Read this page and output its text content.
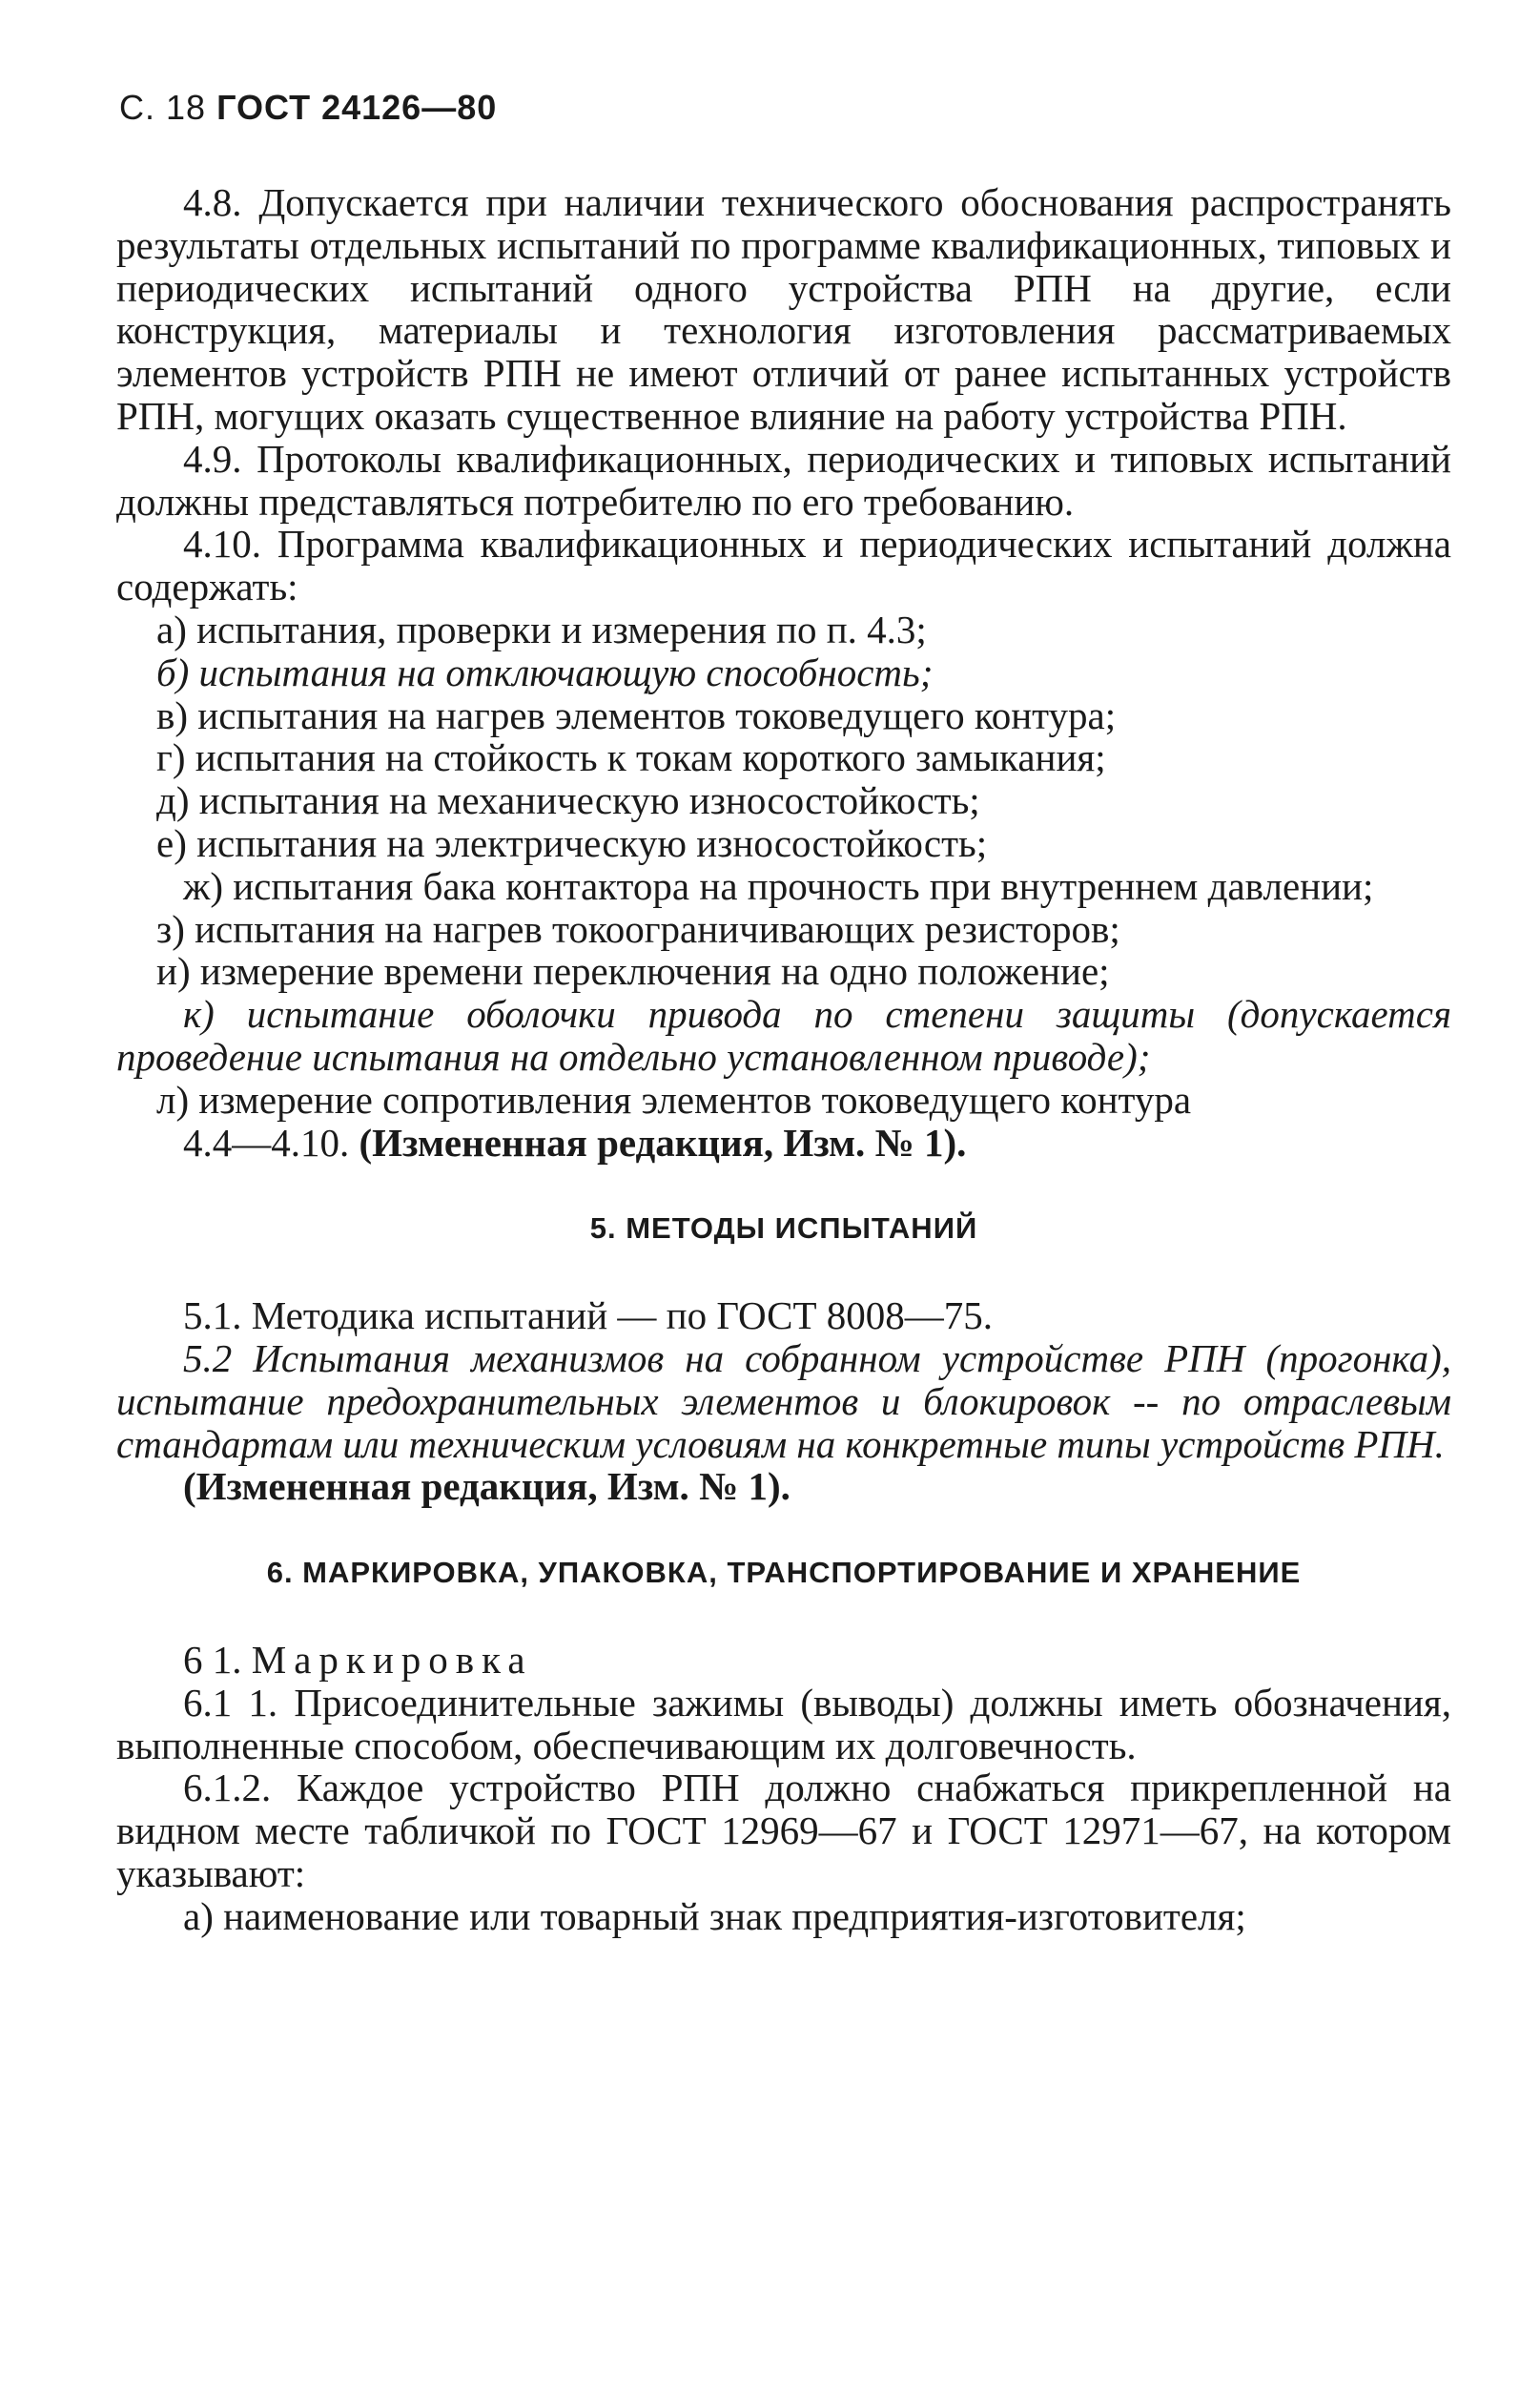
С. 18 ГОСТ 24126—80

4.8. Допускается при наличии технического обоснования распространять результаты отдельных испытаний по программе квалификационных, типовых и периодических испытаний одного устройства РПН на другие, если конструкция, материалы и технология изготовления рассматриваемых элементов устройств РПН не имеют отличий от ранее испытанных устройств РПН, могущих оказать существенное влияние на работу устройства РПН.

4.9. Протоколы квалификационных, периодических и типовых испытаний должны представляться потребителю по его требованию.

4.10. Программа квалификационных и периодических испытаний должна содержать:

а) испытания, проверки и измерения по п. 4.3;

б) испытания на отключающую способность;

в) испытания на нагрев элементов токоведущего контура;

г) испытания на стойкость к токам короткого замыкания;

д) испытания на механическую износостойкость;

е) испытания на электрическую износостойкость;

ж) испытания бака контактора на прочность при внутреннем давлении;

з) испытания на нагрев токоограничивающих резисторов;

и) измерение времени переключения на одно положение;

к) испытание оболочки привода по степени защиты (допускается проведение испытания на отдельно установленном приводе);

л) измерение сопротивления элементов токоведущего контура

4.4—4.10. (Измененная редакция, Изм. № 1).

5. МЕТОДЫ ИСПЫТАНИЙ

5.1. Методика испытаний — по ГОСТ 8008—75.

5.2 Испытания механизмов на собранном устройстве РПН (прогонка), испытание предохранительных элементов и блокировок -- по отраслевым стандартам или техническим условиям на конкретные типы устройств РПН.

(Измененная редакция, Изм. № 1).

6. МАРКИРОВКА, УПАКОВКА, ТРАНСПОРТИРОВАНИЕ И ХРАНЕНИЕ

6 1. Маркировка

6.1 1. Присоединительные зажимы (выводы) должны иметь обозначения, выполненные способом, обеспечивающим их долговечность.

6.1.2. Каждое устройство РПН должно снабжаться прикрепленной на видном месте табличкой по ГОСТ 12969—67 и ГОСТ 12971—67, на котором указывают:

а) наименование или товарный знак предприятия-изготовителя;
